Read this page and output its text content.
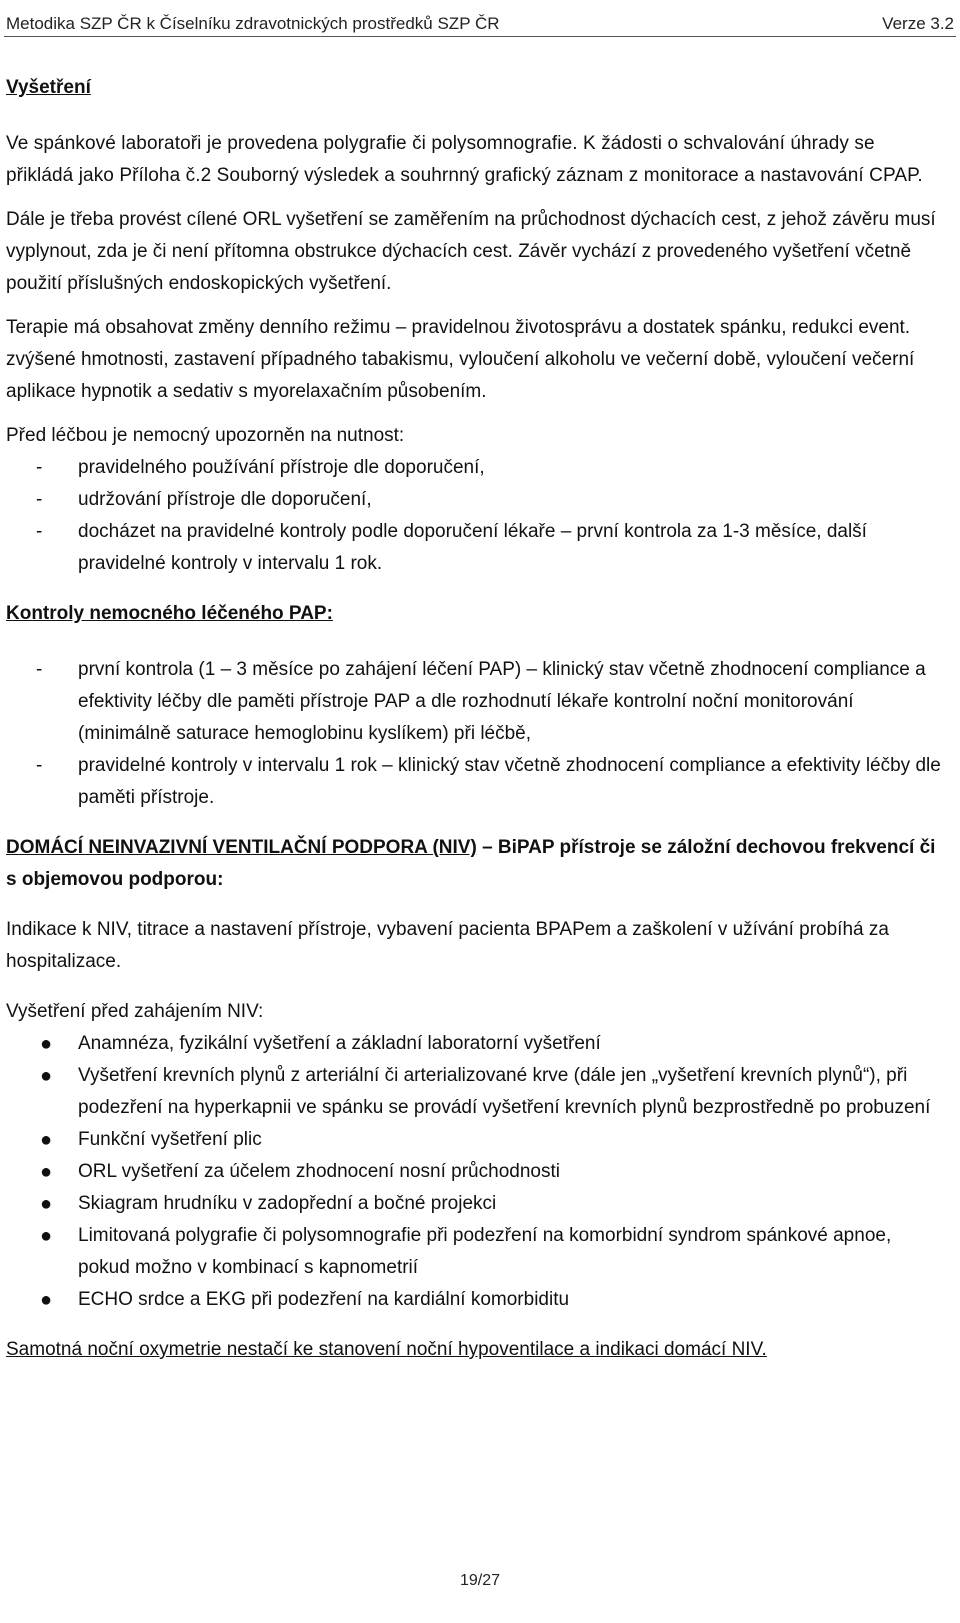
Metodika SZP ČR k Číselníku zdravotnických prostředků SZP ČR	Verze 3.2

Vyšetření

Ve spánkové laboratoři je provedena polygrafie či polysomnografie. K žádosti o schvalování úhrady se přikládá jako Příloha č.2 Souborný výsledek a souhrnný grafický záznam z monitorace a nastavování CPAP.

Dále je třeba provést cílené ORL vyšetření se zaměřením na průchodnost dýchacích cest, z jehož závěru musí vyplynout, zda je či není přítomna obstrukce dýchacích cest. Závěr vychází z provedeného vyšetření včetně použití příslušných endoskopických vyšetření.

Terapie má obsahovat změny denního režimu – pravidelnou životosprávu a dostatek spánku, redukci event. zvýšené hmotnosti, zastavení případného tabakismu, vyloučení alkoholu ve večerní době, vyloučení večerní aplikace hypnotik a sedativ s myorelaxačním působením.

Před léčbou je nemocný upozorněn na nutnost:

- pravidelného používání přístroje dle doporučení,
- udržování přístroje dle doporučení,
- docházet na pravidelné kontroly podle doporučení lékaře – první kontrola za 1-3 měsíce, další pravidelné kontroly v intervalu 1 rok.

Kontroly nemocného léčeného PAP:

- první kontrola (1 – 3 měsíce po zahájení léčení PAP) – klinický stav včetně zhodnocení compliance a efektivity léčby dle paměti přístroje PAP a dle rozhodnutí lékaře kontrolní noční monitorování (minimálně saturace hemoglobinu kyslíkem) při léčbě,
- pravidelné kontroly v intervalu 1 rok – klinický stav včetně zhodnocení compliance a efektivity léčby dle paměti přístroje.

DOMÁCÍ NEINVAZIVNÍ VENTILAČNÍ PODPORA (NIV) – BiPAP přístroje se záložní dechovou frekvencí či s objemovou podporou:

Indikace k NIV, titrace a nastavení přístroje, vybavení pacienta BPAPem a zaškolení v užívání probíhá za hospitalizace.

Vyšetření před zahájením NIV:

● Anamnéza, fyzikální vyšetření a základní laboratorní vyšetření
● Vyšetření krevních plynů z arteriální či arterializované krve (dále jen „vyšetření krevních plynů“), při podezření na hyperkapnii ve spánku se provádí vyšetření krevních plynů bezprostředně po probuzení
● Funkční vyšetření plic
● ORL vyšetření za účelem zhodnocení nosní průchodnosti
● Skiagram hrudníku v zadopřední a bočné projekci
● Limitovaná polygrafie či polysomnografie při podezření na komorbidní syndrom spánkové apnoe, pokud možno v kombinací s kapnometrií
● ECHO srdce a EKG při podezření na kardiální komorbiditu

Samotná noční oxymetrie nestačí ke stanovení noční hypoventilace a indikaci domácí NIV.

19/27
